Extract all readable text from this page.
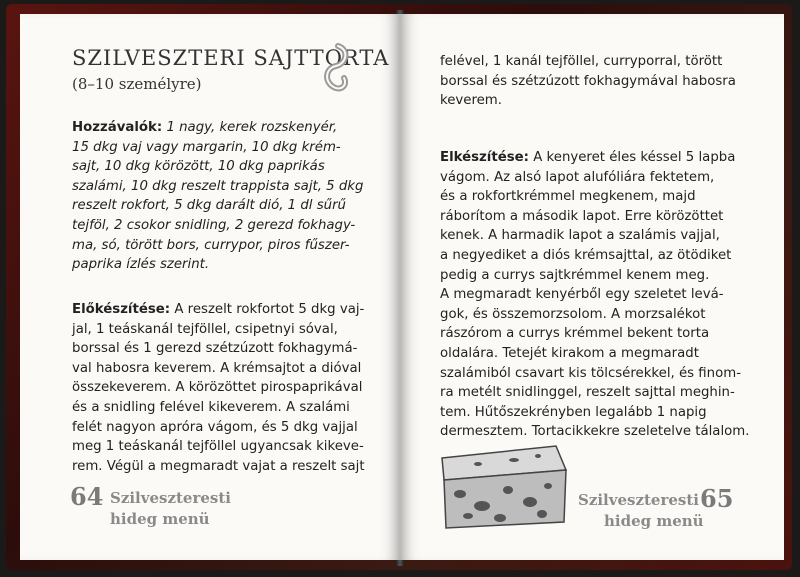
SZILVESZTERI SAJTTORTA
(8–10 személyre)
Hozzávalók: 1 nagy, kerek rozskenyér,
15 dkg vaj vagy margarin, 10 dkg krém-
sajt, 10 dkg körözött, 10 dkg paprikás
szalámi, 10 dkg reszelt trappista sajt, 5 dkg
reszelt rokfort, 5 dkg darált dió, 1 dl sűrű
tejföl, 2 csokor snidling, 2 gerezd fokhagy-
ma, só, törött bors, currypor, piros fűszer-
paprika ízlés szerint.
Előkészítése: A reszelt rokfortot 5 dkg vaj-
jal, 1 teáskanál tejföllel, csipetnyi sóval,
borssal és 1 gerezd szétzúzott fokhagymá-
val habosra keverem. A krémsajtot a dióval
összekeverem. A körözöttet pirospaprikával
és a snidling felével kikeverem. A szalámi
felét nagyon apróra vágom, és 5 dkg vajjal
meg 1 teáskanál tejföllel ugyancsak kikeve-
rem. Végül a megmaradt vajat a reszelt sajt
64 Szilveszteresti
hideg menü
felével, 1 kanál tejföllel, curryporral, törött
borssal és szétzúzott fokhagymával habosra
keverem.
Elkészítése: A kenyeret éles késsel 5 lapba
vágom. Az alsó lapot alufóliára fektetem,
és a rokfortkrémmel megkenem, majd
ráborítom a második lapot. Erre körözöttet
kenek. A harmadik lapot a szalámis vajjal,
a negyediket a diós krémsajttal, az ötödiket
pedig a currys sajtkrémmel kenem meg.
A megmaradt kenyérből egy szeletet levá-
gok, és összemorzsolom. A morzsalékot
rászórom a currys krémmel bekent torta
oldalára. Tetejét kirakom a megmaradt
szalámiból csavart kis tölcsérekkel, és finom-
ra metélt snidlinggel, reszelt sajttal meghin-
tem. Hűtőszekrényben legalább 1 napig
dermesztem. Tortacikkekre szeletelve tálalom.
Szilveszteresti
hideg menü
65
